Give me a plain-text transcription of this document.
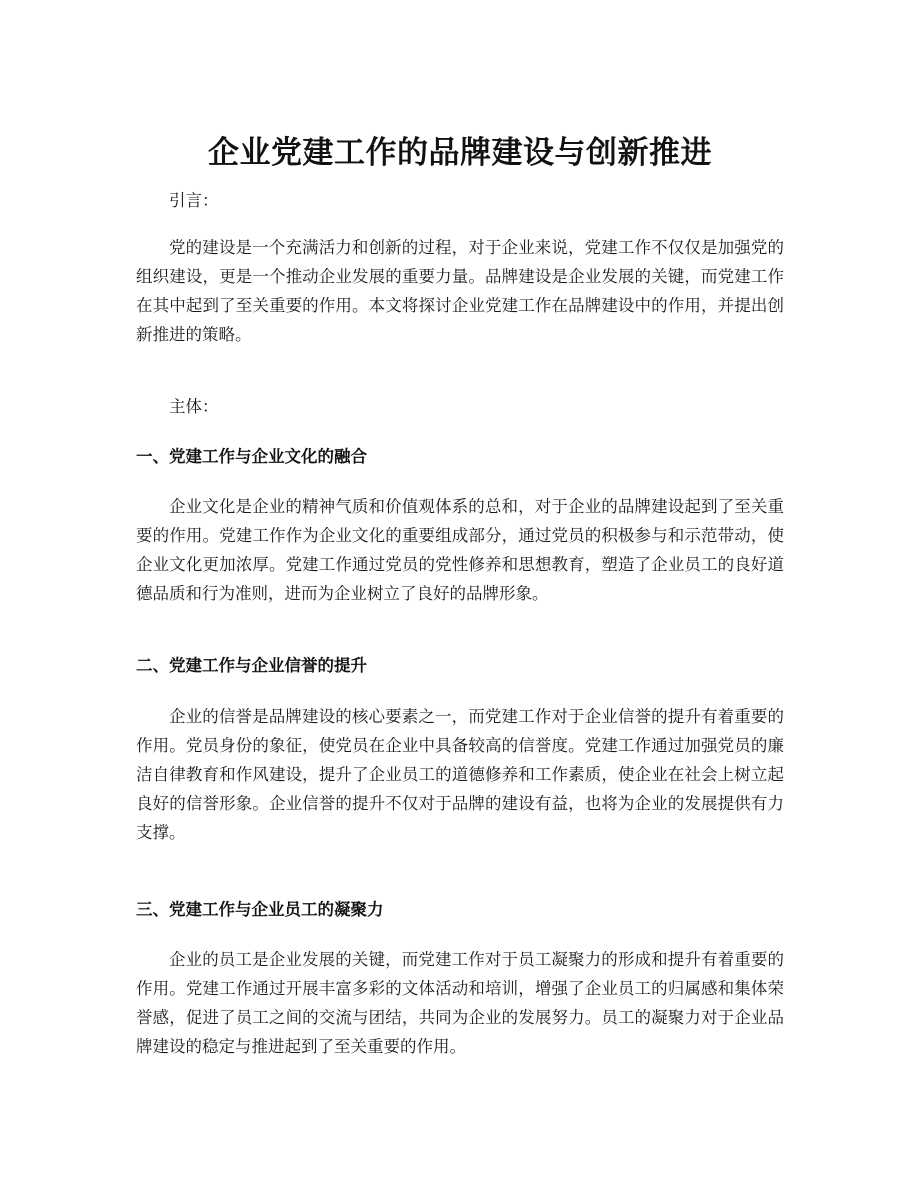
企业党建工作的品牌建设与创新推进

引言：

党的建设是一个充满活力和创新的过程，对于企业来说，党建工作不仅仅是加强党的组织建设，更是一个推动企业发展的重要力量。品牌建设是企业发展的关键，而党建工作在其中起到了至关重要的作用。本文将探讨企业党建工作在品牌建设中的作用，并提出创新推进的策略。

主体：

一、党建工作与企业文化的融合

企业文化是企业的精神气质和价值观体系的总和，对于企业的品牌建设起到了至关重要的作用。党建工作作为企业文化的重要组成部分，通过党员的积极参与和示范带动，使企业文化更加浓厚。党建工作通过党员的党性修养和思想教育，塑造了企业员工的良好道德品质和行为准则，进而为企业树立了良好的品牌形象。

二、党建工作与企业信誉的提升

企业的信誉是品牌建设的核心要素之一，而党建工作对于企业信誉的提升有着重要的作用。党员身份的象征，使党员在企业中具备较高的信誉度。党建工作通过加强党员的廉洁自律教育和作风建设，提升了企业员工的道德修养和工作素质，使企业在社会上树立起良好的信誉形象。企业信誉的提升不仅对于品牌的建设有益，也将为企业的发展提供有力支撑。

三、党建工作与企业员工的凝聚力

企业的员工是企业发展的关键，而党建工作对于员工凝聚力的形成和提升有着重要的作用。党建工作通过开展丰富多彩的文体活动和培训，增强了企业员工的归属感和集体荣誉感，促进了员工之间的交流与团结，共同为企业的发展努力。员工的凝聚力对于企业品牌建设的稳定与推进起到了至关重要的作用。
